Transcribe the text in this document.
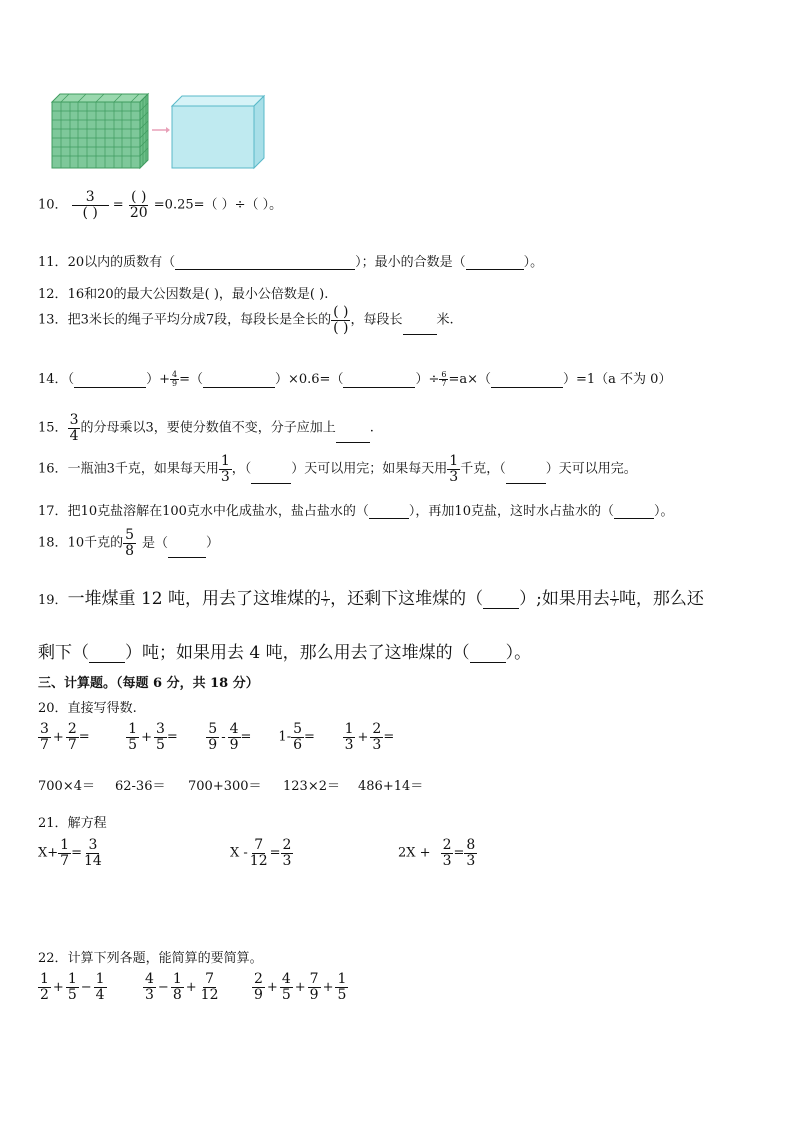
10．
3
( ) =
( )
20 =0.25=（ ）÷（ ）。
11．20以内的质数有（	）；最小的合数是（	）。
12．16和20的最大公因数是( )，最小公倍数是( ).
13．把3米长的绳子平均分成7段，每段长是全长的
( )
( ) ，每段长	米.
14．（	）+ $\frac{4}{9}$ =（	）×0.6=（	）÷ $\frac{6}{7} =a\times$（	）=1（a 不为 0）
15． $\frac{3}{4}$ 的分母乘以3，要使分数值不变，分子应加上	.
16．一瓶油3千克，如果每天用 $\frac{1}{3}$ ，（	）天可以用完；如果每天用 $\frac{1}{3}$ 千克，（	）天可以用完。
17．把10克盐溶解在100克水中化成盐水，盐占盐水的（	），再加10克盐，这时水占盐水的（	）。
18．10千克的 $\frac{5}{8}$ 是（	）
19．一堆煤重 12 吨，用去了这堆煤的 $\frac{1}{7}$ ，还剩下这堆煤的（ ）;如果用去 $\frac{1}{7}$ 吨，那么还
剩下（ ）吨；如果用去 4 吨，那么用去了这堆煤的（ ）。
三、计算题。（每题 6 分，共 18 分）
20．直接写得数.
$\frac{3}{7} + \frac{2}{7}$ =	$\frac{1}{5} + \frac{3}{5} = \frac{5}{9} - \frac{4}{9} = 1- \frac{5}{6} = \frac{1}{3} + \frac{2}{3}$ =
700×4＝ 62-36＝ 700+300＝ 123×2＝ 486+14＝
21．解方程
$X+ \frac{1}{7} = \frac{3}{14}$	$X - \frac{7}{12} = \frac{2}{3}$	$2X + \frac{2}{3} = \frac{8}{3}$
22．计算下列各题，能简算的要简算。
$\frac{1}{2} + \frac{1}{5} - \frac{1}{4}$	$\frac{4}{3} - \frac{1}{8} + \frac{7}{12} \frac{2}{9} + \frac{4}{5} + \frac{7}{9} + \frac{1}{5}$
